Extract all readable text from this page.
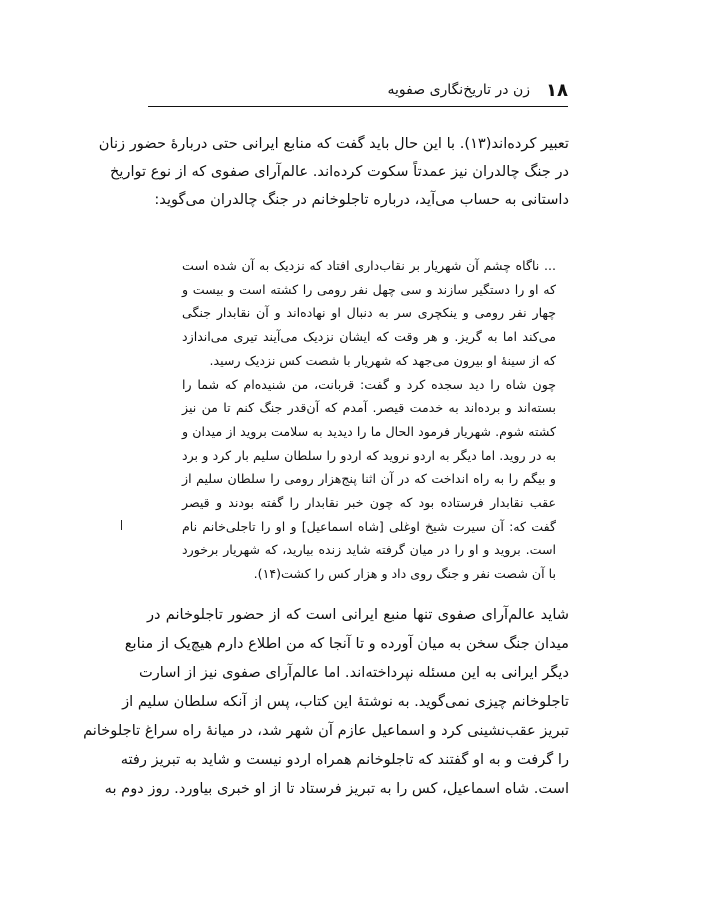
۱۸
زن در تاریخ‌نگاری صفویه
تعبیر کرده‌اند(۱۳). با این حال باید گفت که منابع ایرانی حتی دربارهٔ حضور زنان
در جنگ چالدران نیز عمدتاً سکوت کرده‌اند. عالم‌آرای صفوی که از نوع تواریخ
داستانی به حساب می‌آید، درباره تاجلوخانم در جنگ چالدران می‌گوید:
... ناگاه چشم آن شهریار بر نقاب‌داری افتاد که نزدیک به آن شده است
که او را دستگیر سازند و سی چهل نفر رومی را کشته است و بیست و
چهار نفر رومی و ینکچری سر به دنبال او نهاده‌اند و آن نقابدار جنگی
می‌کند اما به گریز. و هر وقت که ایشان نزدیک می‌آیند تیری می‌اندازد
که از سینهٔ او بیرون می‌جهد که شهریار با شصت کس نزدیک رسید.
چون شاه را دید سجده کرد و گفت: قربانت، من شنیده‌ام که شما را
بسته‌اند و برده‌اند به خدمت قیصر. آمدم که آن‌قدر جنگ کنم تا من نیز
کشته شوم. شهریار فرمود الحال ما را دیدید به سلامت بروید از میدان و
به در روید. اما دیگر به اردو نروید که اردو را سلطان سلیم بار کرد و برد
و بیگم را به راه انداخت که در آن اثنا پنج‌هزار رومی را سلطان سلیم از
عقب نقابدار فرستاده بود که چون خبر نقابدار را گفته بودند و قیصر
گفت که: آن سیرت شیخ اوغلی [شاه اسماعیل] و او را تاجلی‌خانم نام
است. بروید و او را در میان گرفته شاید زنده بیارید، که شهریار برخورد
با آن شصت نفر و جنگ روی داد و هزار کس را کشت(۱۴).
شاید عالم‌آرای صفوی تنها منبع ایرانی است که از حضور تاجلوخانم در
میدان جنگ سخن به میان آورده و تا آنجا که من اطلاع دارم هیچ‌یک از منابع
دیگر ایرانی به این مسئله نپرداخته‌اند. اما عالم‌آرای صفوی نیز از اسارت
تاجلوخانم چیزی نمی‌گوید. به نوشتهٔ این کتاب، پس از آنکه سلطان سلیم از
تبریز عقب‌نشینی کرد و اسماعیل عازم آن شهر شد، در میانهٔ راه سراغ تاجلوخانم
را گرفت و به او گفتند که تاجلوخانم همراه اردو نیست و شاید به تبریز رفته
است. شاه اسماعیل، کس را به تبریز فرستاد تا از او خبری بیاورد. روز دوم به
